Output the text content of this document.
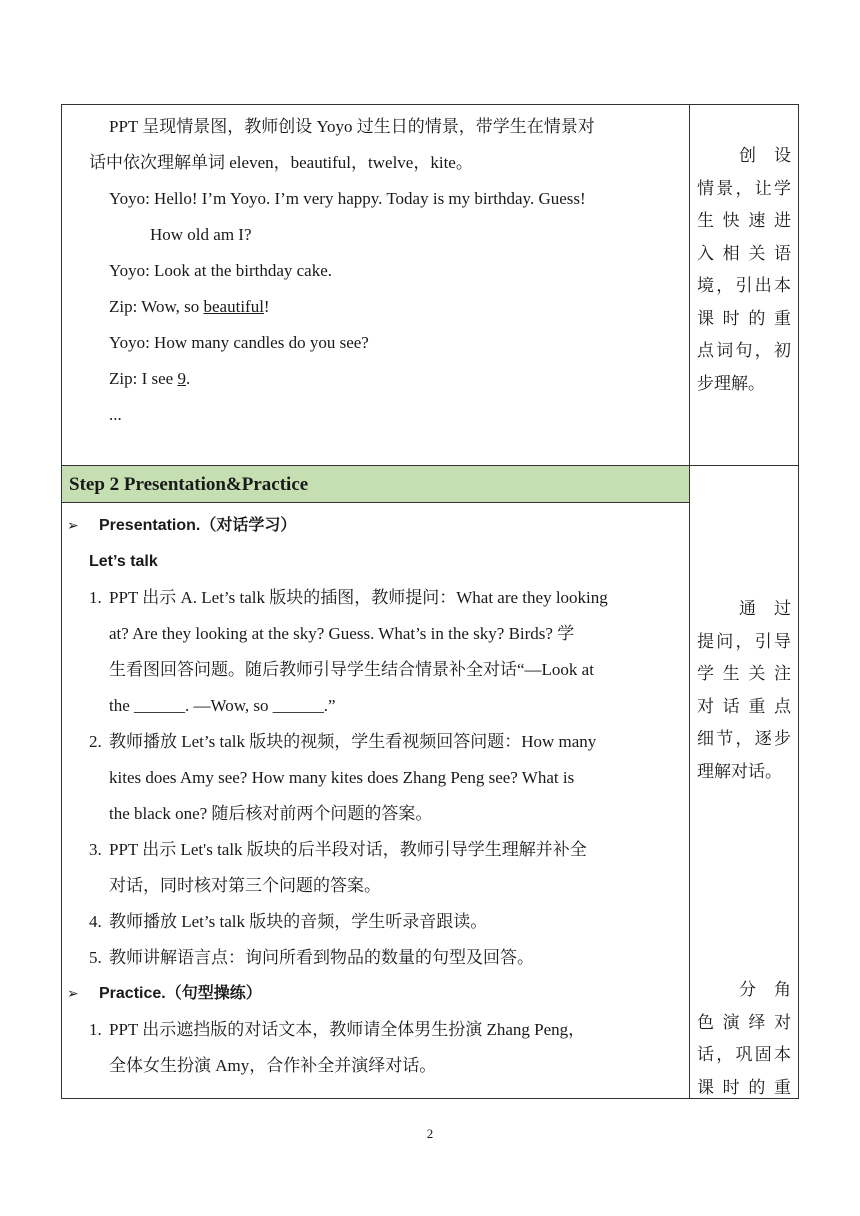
PPT 呈现情景图，教师创设 Yoyo 过生日的情景，带学生在情景对
话中依次理解单词 eleven，beautiful，twelve，kite。
Yoyo: Hello! I’m Yoyo. I’m very happy. Today is my birthday. Guess!
How old am I?
Yoyo: Look at the birthday cake.
Zip: Wow, so beautiful!
Yoyo: How many candles do you see?
Zip: I see 9.
...
创 设
情景，让学
生 快 速 进
入 相 关 语
境，引出本
课 时 的 重
点词句，初
步理解。
Step 2 Presentation&Practice
➢ Presentation.（对话学习）
Let’s talk
1. PPT 出示 A. Let’s talk 版块的插图，教师提问：What are they looking
at? Are they looking at the sky? Guess. What’s in the sky? Birds? 学
生看图回答问题。随后教师引导学生结合情景补全对话“—Look at
the ______. —Wow, so ______.”
2. 教师播放 Let’s talk 版块的视频，学生看视频回答问题：How many
kites does Amy see? How many kites does Zhang Peng see? What is
the black one? 随后核对前两个问题的答案。
3. PPT 出示 Let's talk 版块的后半段对话，教师引导学生理解并补全
对话，同时核对第三个问题的答案。
4. 教师播放 Let’s talk 版块的音频，学生听录音跟读。
5. 教师讲解语言点：询问所看到物品的数量的句型及回答。
➢ Practice.（句型操练）
1. PPT 出示遮挡版的对话文本，教师请全体男生扮演 Zhang Peng，
全体女生扮演 Amy，合作补全并演绎对话。
通 过
提问，引导
学 生 关 注
对 话 重 点
细节，逐步
理解对话。
分 角
色 演 绎 对
话，巩固本
课 时 的 重
2
